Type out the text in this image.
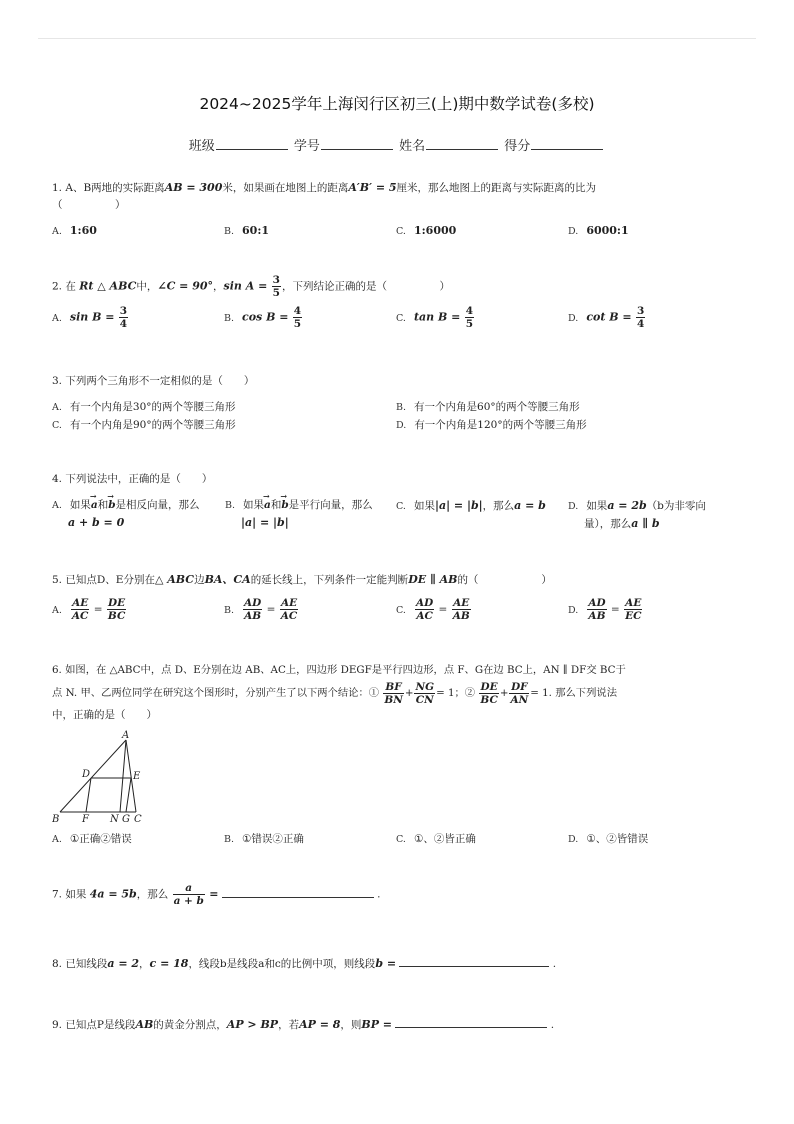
2024~2025学年上海闵行区初三(上)期中数学试卷(多校)
班级	学号	姓名	得分
1. A、B两地的实际距离AB = 300米，如果画在地图上的距离A′B′ = 5厘米，那么地图上的距离与实际距离的比为
（　　　　　）
A. 1:60	B. 60:1	C. 1:6000	D. 6000:1
2. 在 Rt △ ABC中，∠C = 90°，$\sin A = \frac{3}{5}$ ，下列结论正确的是（　　　　　）
A. $\sin B = \frac{3}{4}$	B. $\cos B = \frac{4}{5}$	C. $\tan B = \frac{4}{5}$	D. $\cot B = \frac{3}{4}$
3. 下列两个三角形不一定相似的是（　　）
A. 有一个内角是30°的两个等腰三角形	B. 有一个内角是60°的两个等腰三角形
C. 有一个内角是90°的两个等腰三角形	D. 有一个内角是120°的两个等腰三角形
4. 下列说法中，正确的是（　　）
A. 如果→ a和→ b是相反向量，那么
a + b = 0
B. 如果→ a和→ b是平行向量，那么
|a| = |b|
C. 如果|a| = |b|，那么a = b D. 如果a = 2b（b为非零向
量），那么a ∥ b
5. 已知点D、E分别在△ ABC边BA、CA的延长线上，下列条件一定能判断DE ∥ AB的（　　　　　　）
A. $\frac{AE}{AC} = \frac{DE}{BC}$	B. $\frac{AD}{AB} = \frac{AE}{AC}$	C. $\frac{AD}{AC} = \frac{AE}{AB}$	D. $\frac{AD}{AB} = \frac{AE}{EC}$
6. 如图，在 △ABC中，点 D、E分别在边 AB、AC上，四边形 DEGF是平行四边形，点 F、G在边 BC上，AN ∥ DF交 BC于
点 N. 甲、乙两位同学在研究这个图形时，分别产生了以下两个结论：① $\frac{BF}{BN} + \frac{NG}{CN} = 1$；② $\frac{DE}{BC} + \frac{DF}{AN} = 1$. 那么下列说法
中，正确的是（　　）
A
B	C
D	E
F N G
A. ①正确②错误	B. ①错误②正确	C. ①、②皆正确	D. ①、②皆错误
7. 如果 4a = 5b，那么 $\frac{a}{a + b}$ =	.
8. 已知线段a = 2，c = 18，线段b是线段a和c的比例中项，则线段b =	.
9. 已知点P是线段AB的黄金分割点，AP > BP，若AP = 8，则BP =	.
